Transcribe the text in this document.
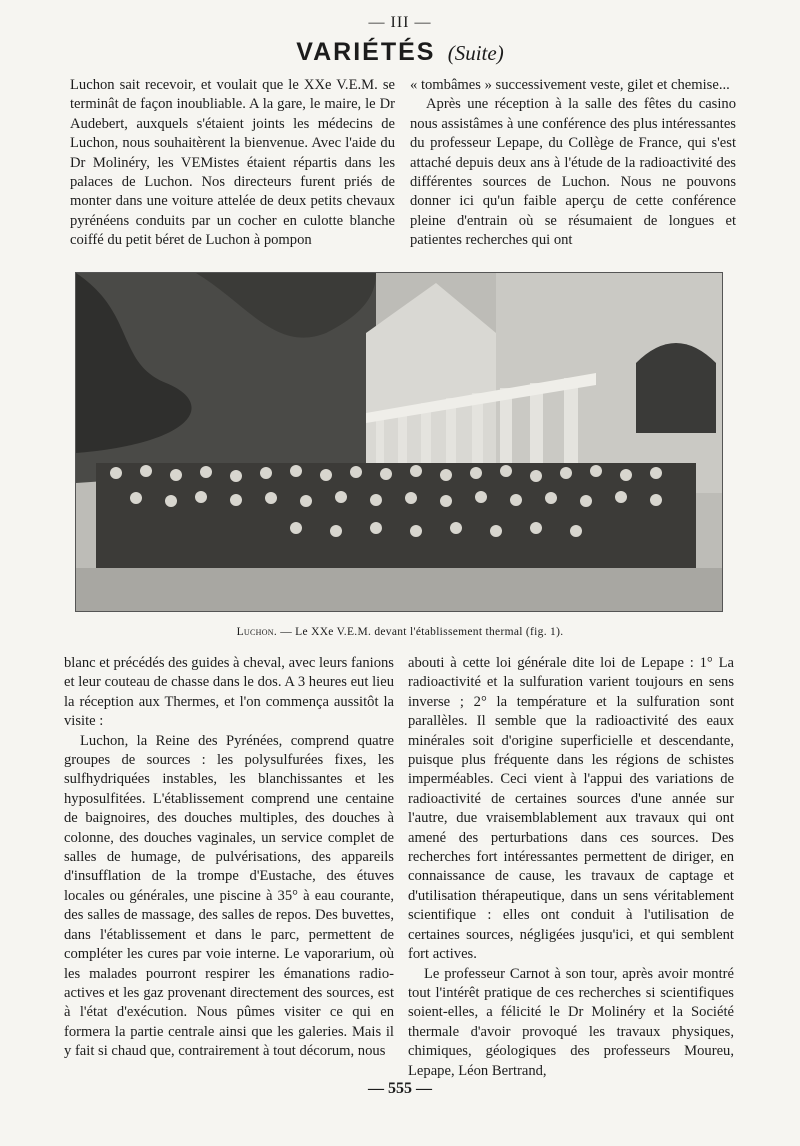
— III —
VARIÉTÉS (Suite)

Luchon sait recevoir, et voulait que le XXe V.E.M. se terminât de façon inoubliable. A la gare, le maire, le Dr Audebert, auxquels s'étaient joints les médecins de Luchon, nous souhaitèrent la bienvenue. Avec l'aide du Dr Molinéry, les VEMistes étaient répartis dans les palaces de Luchon. Nos directeurs furent priés de monter dans une voiture attelée de deux petits chevaux pyrénéens conduits par un cocher en culotte blanche coiffé du petit béret de Luchon à pompon

« tombâmes » successivement veste, gilet et chemise...

Après une réception à la salle des fêtes du casino nous assistâmes à une conférence des plus intéressantes du professeur Lepape, du Collège de France, qui s'est attaché depuis deux ans à l'étude de la radioactivité des différentes sources de Luchon. Nous ne pouvons donner ici qu'un faible aperçu de cette conférence pleine d'entrain où se résumaient de longues et patientes recherches qui ont

Luchon. — Le XXe V.E.M. devant l'établissement thermal (fig. 1).

blanc et précédés des guides à cheval, avec leurs fanions et leur couteau de chasse dans le dos. A 3 heures eut lieu la réception aux Thermes, et l'on commença aussitôt la visite :

Luchon, la Reine des Pyrénées, comprend quatre groupes de sources : les polysulfurées fixes, les sulfhydriquées instables, les blanchissantes et les hyposulfitées. L'établissement comprend une centaine de baignoires, des douches multiples, des douches à colonne, des douches vaginales, un service complet de salles de humage, de pulvérisations, des appareils d'insufflation de la trompe d'Eustache, des étuves locales ou générales, une piscine à 35° à eau courante, des salles de massage, des salles de repos. Des buvettes, dans l'établissement et dans le parc, permettent de compléter les cures par voie interne. Le vaporarium, où les malades pourront respirer les émanations radio-actives et les gaz provenant directement des sources, est à l'état d'exécution. Nous pûmes visiter ce qui en formera la partie centrale ainsi que les galeries. Mais il y fait si chaud que, contrairement à tout décorum, nous

abouti à cette loi générale dite loi de Lepape : 1° La radioactivité et la sulfuration varient toujours en sens inverse ; 2° la température et la sulfuration sont parallèles. Il semble que la radioactivité des eaux minérales soit d'origine superficielle et descendante, puisque plus fréquente dans les régions de schistes imperméables. Ceci vient à l'appui des variations de radioactivité de certaines sources d'une année sur l'autre, due vraisemblablement aux travaux qui ont amené des perturbations dans ces sources. Des recherches fort intéressantes permettent de diriger, en connaissance de cause, les travaux de captage et d'utilisation thérapeutique, dans un sens véritablement scientifique : elles ont conduit à l'utilisation de certaines sources, négligées jusqu'ici, et qui semblent fort actives.

Le professeur Carnot à son tour, après avoir montré tout l'intérêt pratique de ces recherches si scientifiques soient-elles, a félicité le Dr Molinéry et la Société thermale d'avoir provoqué les travaux physiques, chimiques, géologiques des professeurs Moureu, Lepape, Léon Bertrand,

— 555 —
